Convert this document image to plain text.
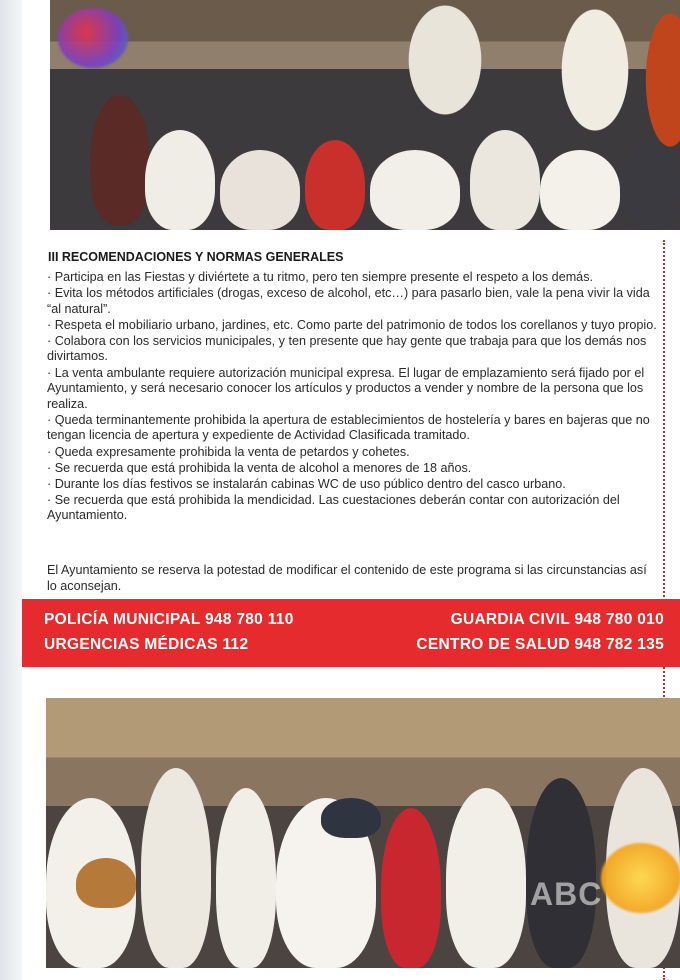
III RECOMENDACIONES Y NORMAS GENERALES
· Participa en las Fiestas y diviértete a tu ritmo, pero ten siempre presente el respeto a los demás.
· Evita los métodos artificiales (drogas, exceso de alcohol, etc…) para pasarlo bien, vale la pena vivir la vida “al natural”.
· Respeta el mobiliario urbano, jardines, etc. Como parte del patrimonio de todos los corellanos y tuyo propio.
· Colabora con los servicios municipales, y ten presente que hay gente que trabaja para que los demás nos divirtamos.
· La venta ambulante requiere autorización municipal expresa. El lugar de emplazamiento será fijado por el Ayuntamiento, y será necesario conocer los artículos y productos a vender y nombre de la persona que los realiza.
· Queda terminantemente prohibida la apertura de establecimientos de hostelería y bares en bajeras que no tengan licencia de apertura y expediente de Actividad Clasificada tramitado.
· Queda expresamente prohibida la venta de petardos y cohetes.
· Se recuerda que está prohibida la venta de alcohol a menores de 18 años.
· Durante los días festivos se instalarán cabinas WC de uso público dentro del casco urbano.
· Se recuerda que está prohibida la mendicidad. Las cuestaciones deberán contar con autorización del Ayuntamiento.
El Ayuntamiento se reserva la potestad de modificar el contenido de este programa si las circunstancias así lo aconsejan.
POLICÍA MUNICIPAL 948 780 110	GUARDIA CIVIL 948 780 010
URGENCIAS MÉDICAS 112	CENTRO DE SALUD 948 782 135
ABC
